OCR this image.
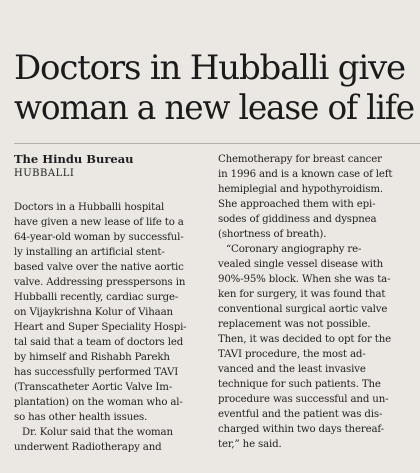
Doctors in Hubballi give
woman a new lease of life
The Hindu Bureau
HUBBALLI
Doctors in a Hubballi hospital
have given a new lease of life to a
64-year-old woman by successful-
ly installing an artificial stent-
based valve over the native aortic
valve. Addressing presspersons in
Hubballi recently, cardiac surge-
on Vijaykrishna Kolur of Vihaan
Heart and Super Speciality Hospi-
tal said that a team of doctors led
by himself and Rishabh Parekh
has successfully performed TAVI
(Transcatheter Aortic Valve Im-
plantation) on the woman who al-
so has other health issues.
Dr. Kolur said that the woman
underwent Radiotherapy and
Chemotherapy for breast cancer
in 1996 and is a known case of left
hemiplegial and hypothyroidism.
She approached them with epi-
sodes of giddiness and dyspnea
(shortness of breath).
“Coronary angiography re-
vealed single vessel disease with
90%-95% block. When she was ta-
ken for surgery, it was found that
conventional surgical aortic valve
replacement was not possible.
Then, it was decided to opt for the
TAVI procedure, the most ad-
vanced and the least invasive
technique for such patients. The
procedure was successful and un-
eventful and the patient was dis-
charged within two days thereaf-
ter,” he said.
